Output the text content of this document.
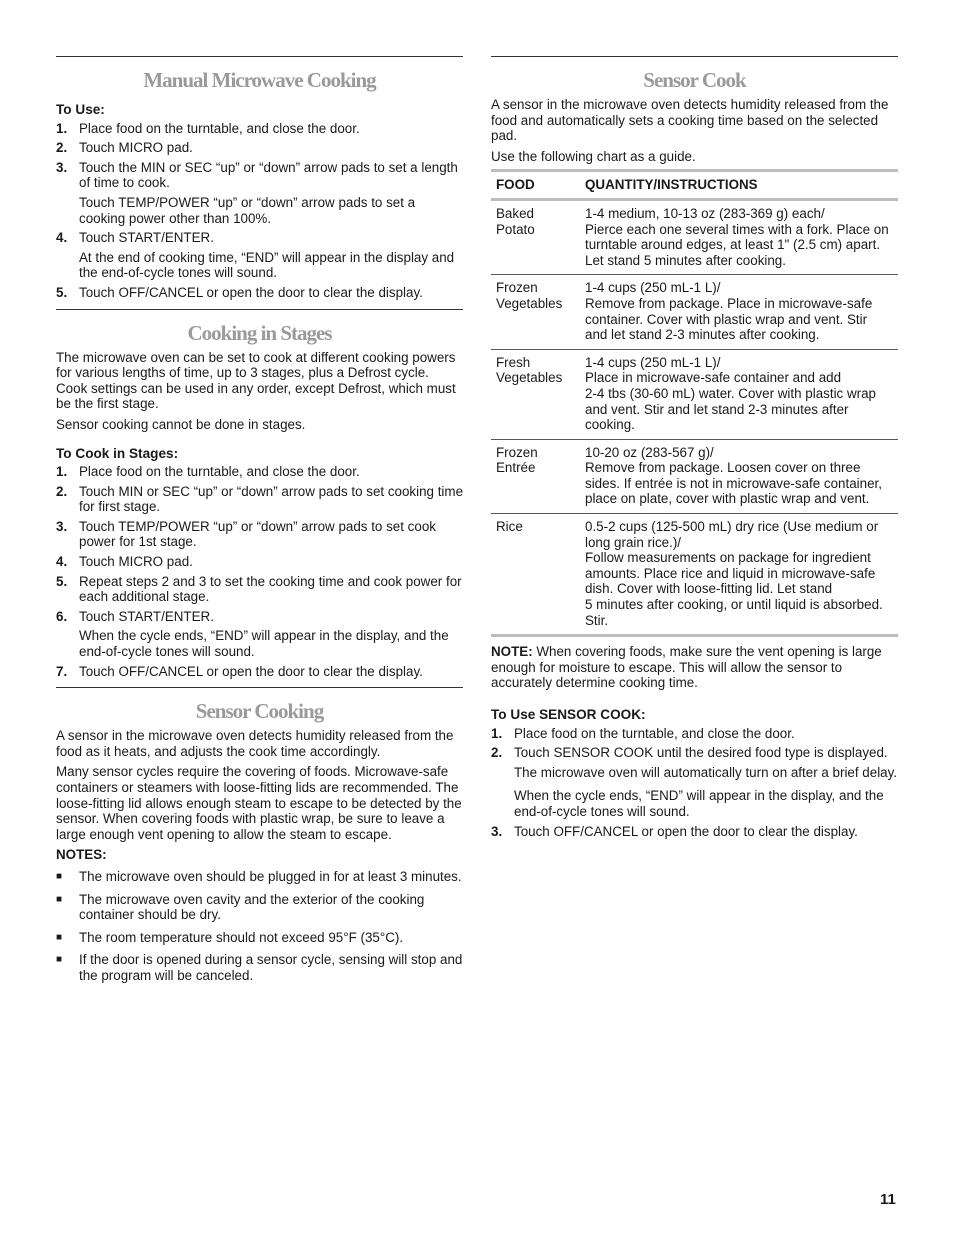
Manual Microwave Cooking
To Use:
1. Place food on the turntable, and close the door.
2. Touch MICRO pad.
3. Touch the MIN or SEC “up” or “down” arrow pads to set a length of time to cook.
Touch TEMP/POWER “up” or “down” arrow pads to set a cooking power other than 100%.
4. Touch START/ENTER.
At the end of cooking time, “END” will appear in the display and the end-of-cycle tones will sound.
5. Touch OFF/CANCEL or open the door to clear the display.
Cooking in Stages

The microwave oven can be set to cook at different cooking powers for various lengths of time, up to 3 stages, plus a Defrost cycle. Cook settings can be used in any order, except Defrost, which must be the first stage.

Sensor cooking cannot be done in stages.

To Cook in Stages:
1. Place food on the turntable, and close the door.
2. Touch MIN or SEC “up” or “down” arrow pads to set cooking time for first stage.
3. Touch TEMP/POWER “up” or “down” arrow pads to set cook power for 1st stage.
4. Touch MICRO pad.
5. Repeat steps 2 and 3 to set the cooking time and cook power for each additional stage.
6. Touch START/ENTER.
When the cycle ends, “END” will appear in the display, and the end-of-cycle tones will sound.
7. Touch OFF/CANCEL or open the door to clear the display.
Sensor Cooking

A sensor in the microwave oven detects humidity released from the food as it heats, and adjusts the cook time accordingly.

Many sensor cycles require the covering of foods. Microwave-safe containers or steamers with loose-fitting lids are recommended. The loose-fitting lid allows enough steam to escape to be detected by the sensor. When covering foods with plastic wrap, be sure to leave a large enough vent opening to allow the steam to escape.

NOTES:
■	The microwave oven should be plugged in for at least 3 minutes.
■	The microwave oven cavity and the exterior of the cooking container should be dry.
■	The room temperature should not exceed 95°F (35°C).
■	If the door is opened during a sensor cycle, sensing will stop and the program will be canceled.
Sensor Cook

A sensor in the microwave oven detects humidity released from the food and automatically sets a cooking time based on the selected pad.

Use the following chart as a guide.

FOOD	QUANTITY/INSTRUCTIONS
Baked Potato	1-4 medium, 10-13 oz (283-369 g) each/
Pierce each one several times with a fork. Place on turntable around edges, at least 1" (2.5 cm) apart. Let stand 5 minutes after cooking.
Frozen Vegetables	1-4 cups (250 mL-1 L)/
Remove from package. Place in microwave-safe container. Cover with plastic wrap and vent. Stir and let stand 2-3 minutes after cooking.
Fresh Vegetables	1-4 cups (250 mL-1 L)/
Place in microwave-safe container and add
2-4 tbs (30-60 mL) water. Cover with plastic wrap and vent. Stir and let stand 2-3 minutes after cooking.
Frozen Entrée	10-20 oz (283-567 g)/
Remove from package. Loosen cover on three sides. If entrée is not in microwave-safe container, place on plate, cover with plastic wrap and vent.
Rice	0.5-2 cups (125-500 mL) dry rice (Use medium or long grain rice.)/
Follow measurements on package for ingredient amounts. Place rice and liquid in microwave-safe dish. Cover with loose-fitting lid. Let stand
5 minutes after cooking, or until liquid is absorbed. Stir.

NOTE: When covering foods, make sure the vent opening is large enough for moisture to escape. This will allow the sensor to accurately determine cooking time.

To Use SENSOR COOK:
1. Place food on the turntable, and close the door.
2. Touch SENSOR COOK until the desired food type is displayed.
The microwave oven will automatically turn on after a brief delay.
When the cycle ends, “END” will appear in the display, and the end-of-cycle tones will sound.
3. Touch OFF/CANCEL or open the door to clear the display.
11
